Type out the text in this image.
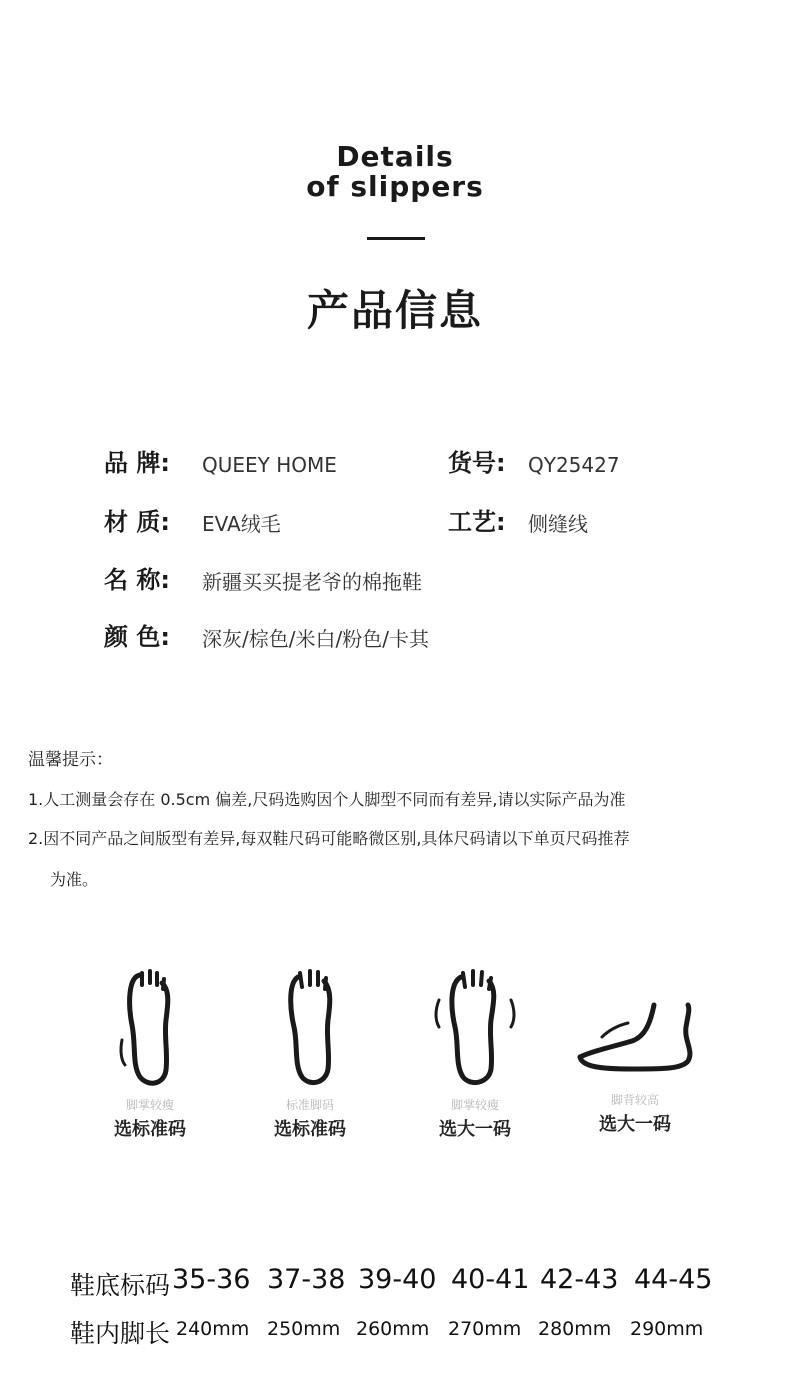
Details
of slippers
产品信息
品 牌: QUEEY HOME	货号: QY25427
材 质: EVA绒毛	工艺: 侧缝线
名 称: 新疆买买提老爷的棉拖鞋
颜 色: 深灰/棕色/米白/粉色/卡其
温馨提示：
1.人工测量会存在 0.5cm 偏差,尺码选购因个人脚型不同而有差异,请以实际产品为准
2.因不同产品之间版型有差异,每双鞋尺码可能略微区别,具体尺码请以下单页尺码推荐
为准。
脚掌较瘦
选标准码
标准脚码
选标准码
脚掌较瘦
选大一码
脚背较高
选大一码
鞋底标码 35-36 37-38 39-40 40-41 42-43 44-45
鞋内脚长 240mm 250mm 260mm 270mm 280mm 290mm
